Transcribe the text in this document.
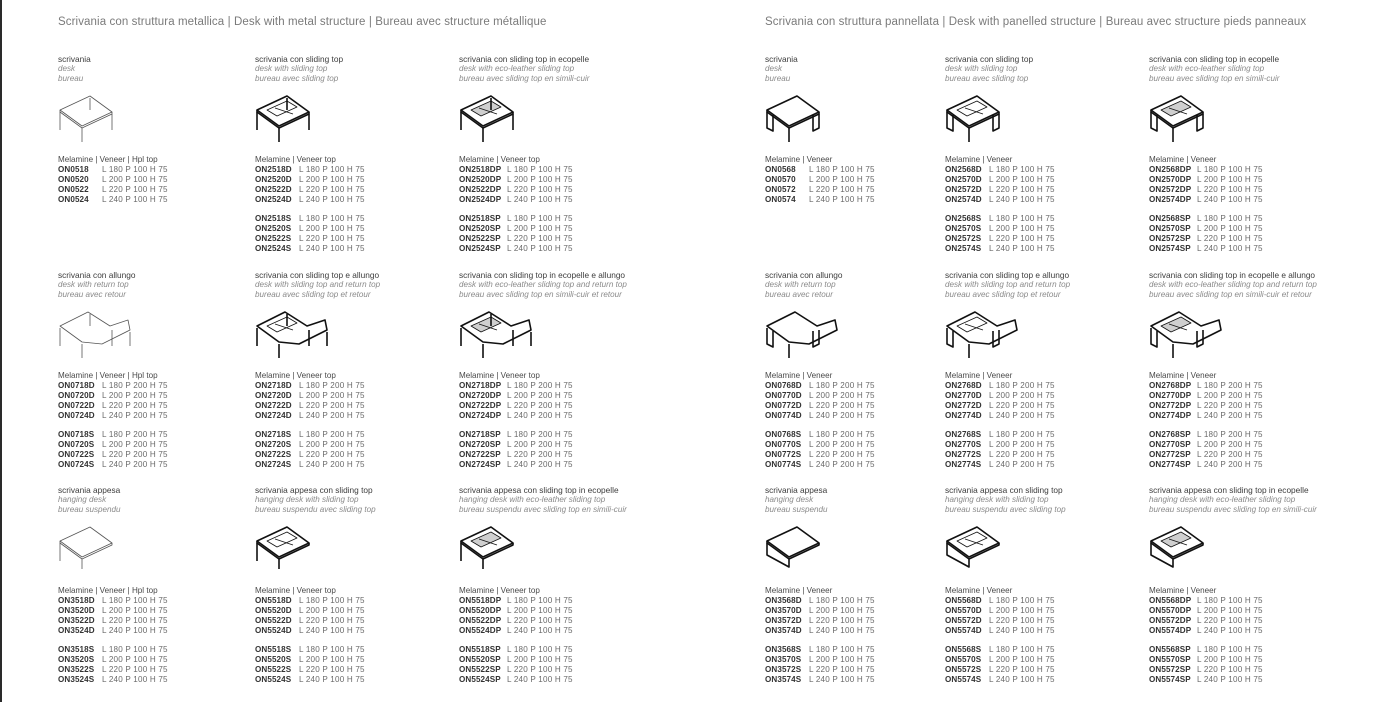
Scrivania con struttura metallica | Desk with metal structure | Bureau avec structure métallique	Scrivania con struttura pannellata | Desk with panelled structure | Bureau avec structure pieds panneaux
scrivania
desk
bureau
Melamine | Veneer | Hpl top
ON0518	L 180 P 100 H 75
ON0520	L 200 P 100 H 75
ON0522	L 220 P 100 H 75
ON0524	L 240 P 100 H 75
scrivania con sliding top
desk with sliding top
bureau avec sliding top
Melamine | Veneer top
ON2518D L 180 P 100 H 75
ON2520D L 200 P 100 H 75
ON2522D L 220 P 100 H 75
ON2524D L 240 P 100 H 75
ON2518S L 180 P 100 H 75
ON2520S L 200 P 100 H 75
ON2522S L 220 P 100 H 75
ON2524S L 240 P 100 H 75
scrivania con sliding top in ecopelle
desk with eco-leather sliding top
bureau avec sliding top en simili-cuir
Melamine | Veneer top
ON2518DP L 180 P 100 H 75
ON2520DP L 200 P 100 H 75
ON2522DP L 220 P 100 H 75
ON2524DP L 240 P 100 H 75
ON2518SP L 180 P 100 H 75
ON2520SP L 200 P 100 H 75
ON2522SP L 220 P 100 H 75
ON2524SP L 240 P 100 H 75
scrivania
desk
bureau
Melamine | Veneer
ON0568	L 180 P 100 H 75
ON0570	L 200 P 100 H 75
ON0572	L 220 P 100 H 75
ON0574	L 240 P 100 H 75
scrivania con sliding top
desk with sliding top
bureau avec sliding top
Melamine | Veneer
ON2568D L 180 P 100 H 75
ON2570D L 200 P 100 H 75
ON2572D L 220 P 100 H 75
ON2574D L 240 P 100 H 75
ON2568S L 180 P 100 H 75
ON2570S L 200 P 100 H 75
ON2572S L 220 P 100 H 75
ON2574S L 240 P 100 H 75
scrivania con sliding top in ecopelle
desk with eco-leather sliding top
bureau avec sliding top en simili-cuir
Melamine | Veneer
ON2568DP L 180 P 100 H 75
ON2570DP L 200 P 100 H 75
ON2572DP L 220 P 100 H 75
ON2574DP L 240 P 100 H 75
ON2568SP L 180 P 100 H 75
ON2570SP L 200 P 100 H 75
ON2572SP L 220 P 100 H 75
ON2574SP L 240 P 100 H 75
scrivania con allungo
desk with return top
bureau avec retour
Melamine | Veneer | Hpl top
ON0718D L 180 P 200 H 75
ON0720D L 200 P 200 H 75
ON0722D L 220 P 200 H 75
ON0724D L 240 P 200 H 75
ON0718S L 180 P 200 H 75
ON0720S L 200 P 200 H 75
ON0722S L 220 P 200 H 75
ON0724S L 240 P 200 H 75
scrivania con sliding top e allungo
desk with sliding top and return top
bureau avec sliding top et retour
Melamine | Veneer top
ON2718D L 180 P 200 H 75
ON2720D L 200 P 200 H 75
ON2722D L 220 P 200 H 75
ON2724D L 240 P 200 H 75
ON2718S L 180 P 200 H 75
ON2720S L 200 P 200 H 75
ON2722S L 220 P 200 H 75
ON2724S L 240 P 200 H 75
scrivania con sliding top in ecopelle e allungo
desk with eco-leather sliding top and return top
bureau avec sliding top en simili-cuir et retour
Melamine | Veneer top
ON2718DP L 180 P 200 H 75
ON2720DP L 200 P 200 H 75
ON2722DP L 220 P 200 H 75
ON2724DP L 240 P 200 H 75
ON2718SP L 180 P 200 H 75
ON2720SP L 200 P 200 H 75
ON2722SP L 220 P 200 H 75
ON2724SP L 240 P 200 H 75
scrivania con allungo
desk with return top
bureau avec retour
Melamine | Veneer
ON0768D L 180 P 200 H 75
ON0770D L 200 P 200 H 75
ON0772D L 220 P 200 H 75
ON0774D L 240 P 200 H 75
ON0768S L 180 P 200 H 75
ON0770S L 200 P 200 H 75
ON0772S L 220 P 200 H 75
ON0774S L 240 P 200 H 75
scrivania con sliding top e allungo
desk with sliding top and return top
bureau avec sliding top et retour
Melamine | Veneer
ON2768D L 180 P 200 H 75
ON2770D L 200 P 200 H 75
ON2772D L 220 P 200 H 75
ON2774D L 240 P 200 H 75
ON2768S L 180 P 200 H 75
ON2770S L 200 P 200 H 75
ON2772S L 220 P 200 H 75
ON2774S L 240 P 200 H 75
scrivania con sliding top in ecopelle e allungo
desk with eco-leather sliding top and return top
bureau avec sliding top en simili-cuir et retour
Melamine | Veneer
ON2768DP L 180 P 200 H 75
ON2770DP L 200 P 200 H 75
ON2772DP L 220 P 200 H 75
ON2774DP L 240 P 200 H 75
ON2768SP L 180 P 200 H 75
ON2770SP L 200 P 200 H 75
ON2772SP L 220 P 200 H 75
ON2774SP L 240 P 200 H 75
scrivania appesa
hanging desk
bureau suspendu
Melamine | Veneer | Hpl top
ON3518D L 180 P 100 H 75
ON3520D L 200 P 100 H 75
ON3522D L 220 P 100 H 75
ON3524D L 240 P 100 H 75
ON3518S L 180 P 100 H 75
ON3520S L 200 P 100 H 75
ON3522S L 220 P 100 H 75
ON3524S L 240 P 100 H 75
scrivania appesa con sliding top
hanging desk with sliding top
bureau suspendu avec sliding top
Melamine | Veneer top
ON5518D L 180 P 100 H 75
ON5520D L 200 P 100 H 75
ON5522D L 220 P 100 H 75
ON5524D L 240 P 100 H 75
ON5518S L 180 P 100 H 75
ON5520S L 200 P 100 H 75
ON5522S L 220 P 100 H 75
ON5524S L 240 P 100 H 75
scrivania appesa con sliding top in ecopelle
hanging desk with eco-leather sliding top
bureau suspendu avec sliding top en simili-cuir
Melamine | Veneer top
ON5518DP L 180 P 100 H 75
ON5520DP L 200 P 100 H 75
ON5522DP L 220 P 100 H 75
ON5524DP L 240 P 100 H 75
ON5518SP L 180 P 100 H 75
ON5520SP L 200 P 100 H 75
ON5522SP L 220 P 100 H 75
ON5524SP L 240 P 100 H 75
scrivania appesa
hanging desk
bureau suspendu
Melamine | Veneer
ON3568D L 180 P 100 H 75
ON3570D L 200 P 100 H 75
ON3572D L 220 P 100 H 75
ON3574D L 240 P 100 H 75
ON3568S L 180 P 100 H 75
ON3570S L 200 P 100 H 75
ON3572S L 220 P 100 H 75
ON3574S L 240 P 100 H 75
scrivania appesa con sliding top
hanging desk with sliding top
bureau suspendu avec sliding top
Melamine | Veneer
ON5568D L 180 P 100 H 75
ON5570D L 200 P 100 H 75
ON5572D L 220 P 100 H 75
ON5574D L 240 P 100 H 75
ON5568S L 180 P 100 H 75
ON5570S L 200 P 100 H 75
ON5572S L 220 P 100 H 75
ON5574S L 240 P 100 H 75
scrivania appesa con sliding top in ecopelle
hanging desk with eco-leather sliding top
bureau suspendu avec sliding top en simili-cuir
Melamine | Veneer
ON5568DP L 180 P 100 H 75
ON5570DP L 200 P 100 H 75
ON5572DP L 220 P 100 H 75
ON5574DP L 240 P 100 H 75
ON5568SP L 180 P 100 H 75
ON5570SP L 200 P 100 H 75
ON5572SP L 220 P 100 H 75
ON5574SP L 240 P 100 H 75
